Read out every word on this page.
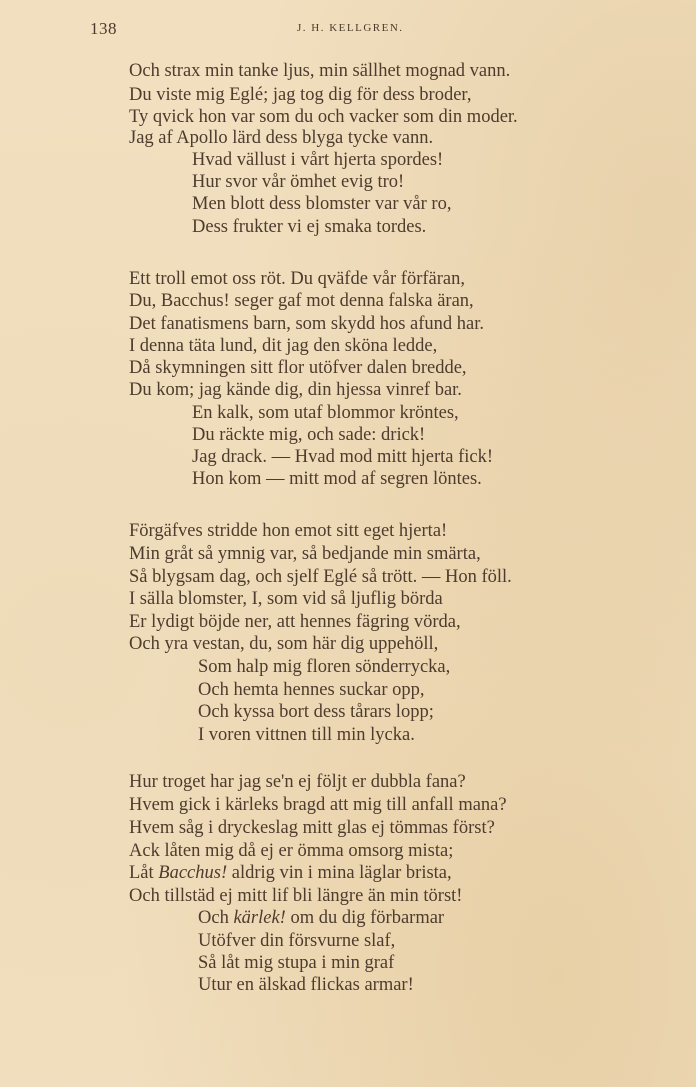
138	J. H. KELLGREN.
Och strax min tanke ljus, min sällhet mognad vann.
Du viste mig Eglé; jag tog dig för dess broder,
Ty qvick hon var som du och vacker som din moder.
Jag af Apollo lärd dess blyga tycke vann.
Hvad vällust i vårt hjerta spordes!
Hur svor vår ömhet evig tro!
Men blott dess blomster var vår ro,
Dess frukter vi ej smaka tordes.
Ett troll emot oss röt. Du qväfde vår förfäran,
Du, Bacchus! seger gaf mot denna falska äran,
Det fanatismens barn, som skydd hos afund har.
I denna täta lund, dit jag den sköna ledde,
Då skymningen sitt flor utöfver dalen bredde,
Du kom; jag kände dig, din hjessa vinref bar.
En kalk, som utaf blommor kröntes,
Du räckte mig, och sade: drick!
Jag drack. — Hvad mod mitt hjerta fick!
Hon kom — mitt mod af segren löntes.
Förgäfves stridde hon emot sitt eget hjerta!
Min gråt så ymnig var, så bedjande min smärta,
Så blygsam dag, och sjelf Eglé så trött. — Hon föll.
I sälla blomster, I, som vid så ljuflig börda
Er lydigt böjde ner, att hennes fägring vörda,
Och yra vestan, du, som här dig uppehöll,
Som halp mig floren sönderrycka,
Och hemta hennes suckar opp,
Och kyssa bort dess tårars lopp;
I voren vittnen till min lycka.
Hur troget har jag se'n ej följt er dubbla fana?
Hvem gick i kärleks bragd att mig till anfall mana?
Hvem såg i dryckeslag mitt glas ej tömmas först?
Ack låten mig då ej er ömma omsorg mista;
Låt Bacchus! aldrig vin i mina läglar brista,
Och tillstäd ej mitt lif bli längre än min törst!
Och kärlek! om du dig förbarmar
Utöfver din försvurne slaf,
Så låt mig stupa i min graf
Utur en älskad flickas armar!
